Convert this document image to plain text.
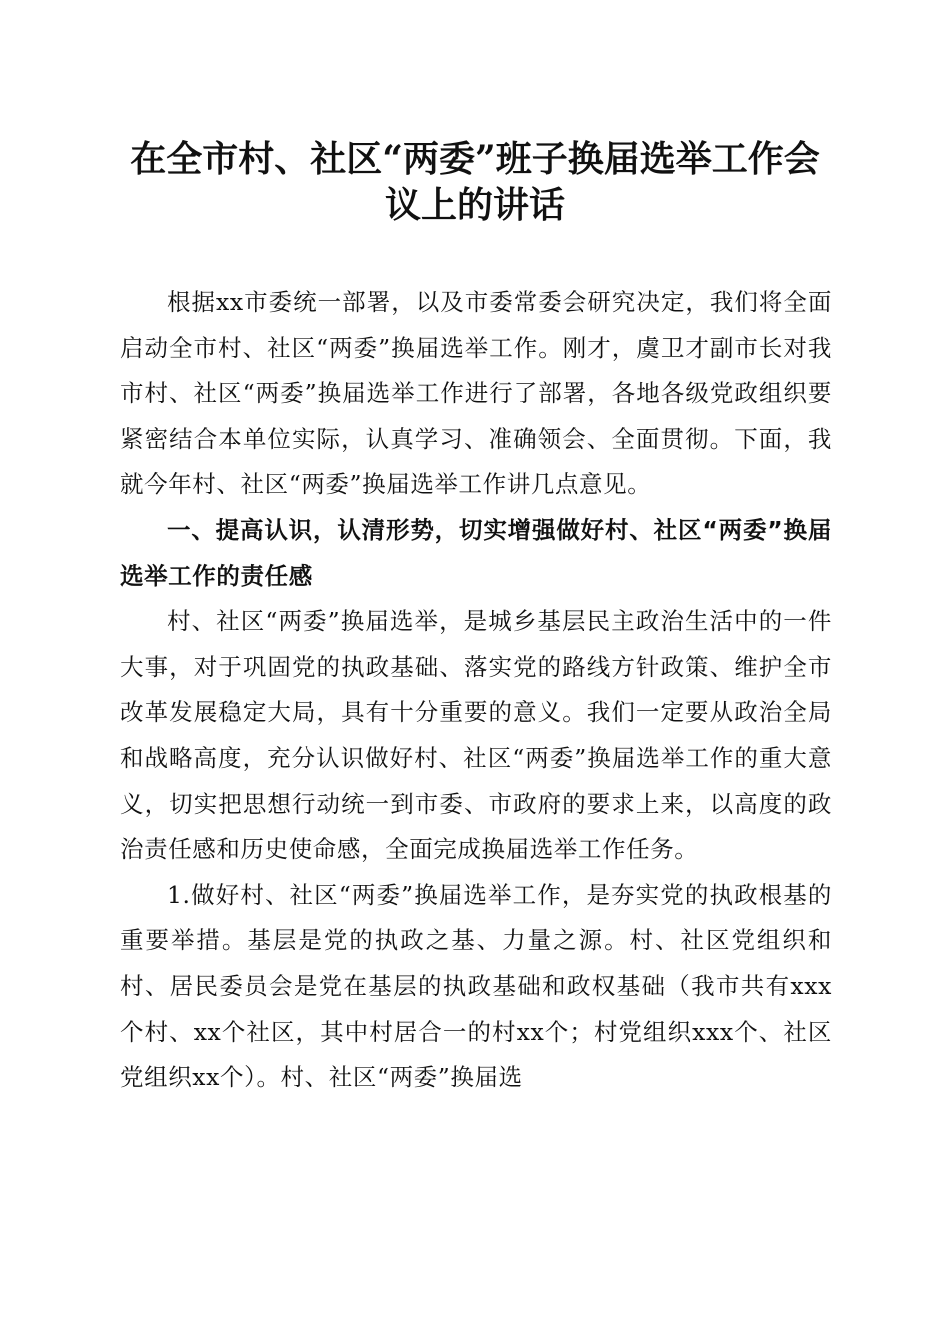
在全市村、社区“两委”班子换届选举工作会
议上的讲话

根据xx市委统一部署，以及市委常委会研究决定，我们将全面启动全市村、社区“两委”换届选举工作。刚才，虞卫才副市长对我市村、社区“两委”换届选举工作进行了部署，各地各级党政组织要紧密结合本单位实际，认真学习、准确领会、全面贯彻。下面，我就今年村、社区“两委”换届选举工作讲几点意见。

一、提高认识，认清形势，切实增强做好村、社区“两委”换届选举工作的责任感

村、社区“两委”换届选举，是城乡基层民主政治生活中的一件大事，对于巩固党的执政基础、落实党的路线方针政策、维护全市改革发展稳定大局，具有十分重要的意义。我们一定要从政治全局和战略高度，充分认识做好村、社区“两委”换届选举工作的重大意义，切实把思想行动统一到市委、市政府的要求上来，以高度的政治责任感和历史使命感，全面完成换届选举工作任务。

1.做好村、社区“两委”换届选举工作，是夯实党的执政根基的重要举措。基层是党的执政之基、力量之源。村、社区党组织和村、居民委员会是党在基层的执政基础和政权基础（我市共有xxx个村、xx个社区，其中村居合一的村xx个；村党组织xxx个、社区党组织xx个）。村、社区“两委”换届选
